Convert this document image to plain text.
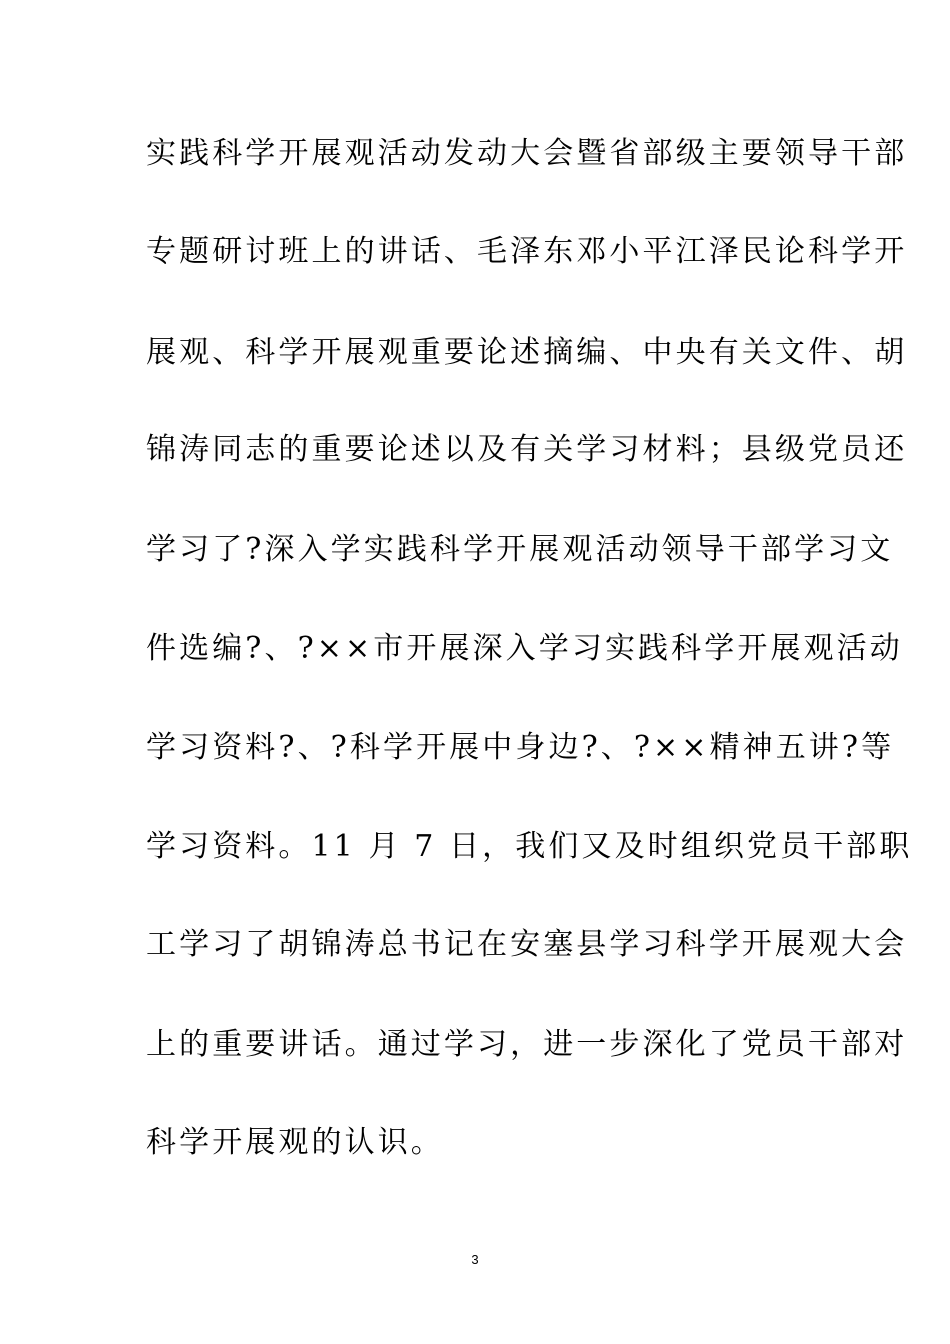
实践科学开展观活动发动大会暨省部级主要领导干部
专题研讨班上的讲话、毛泽东邓小平江泽民论科学开
展观、科学开展观重要论述摘编、中央有关文件、胡
锦涛同志的重要论述以及有关学习材料；县级党员还
学习了?深入学实践科学开展观活动领导干部学习文
件选编?、?××市开展深入学习实践科学开展观活动
学习资料?、?科学开展中身边?、?××精神五讲?等
学习资料。11 月 7 日，我们又及时组织党员干部职
工学习了胡锦涛总书记在安塞县学习科学开展观大会
上的重要讲话。通过学习，进一步深化了党员干部对
科学开展观的认识。
3
